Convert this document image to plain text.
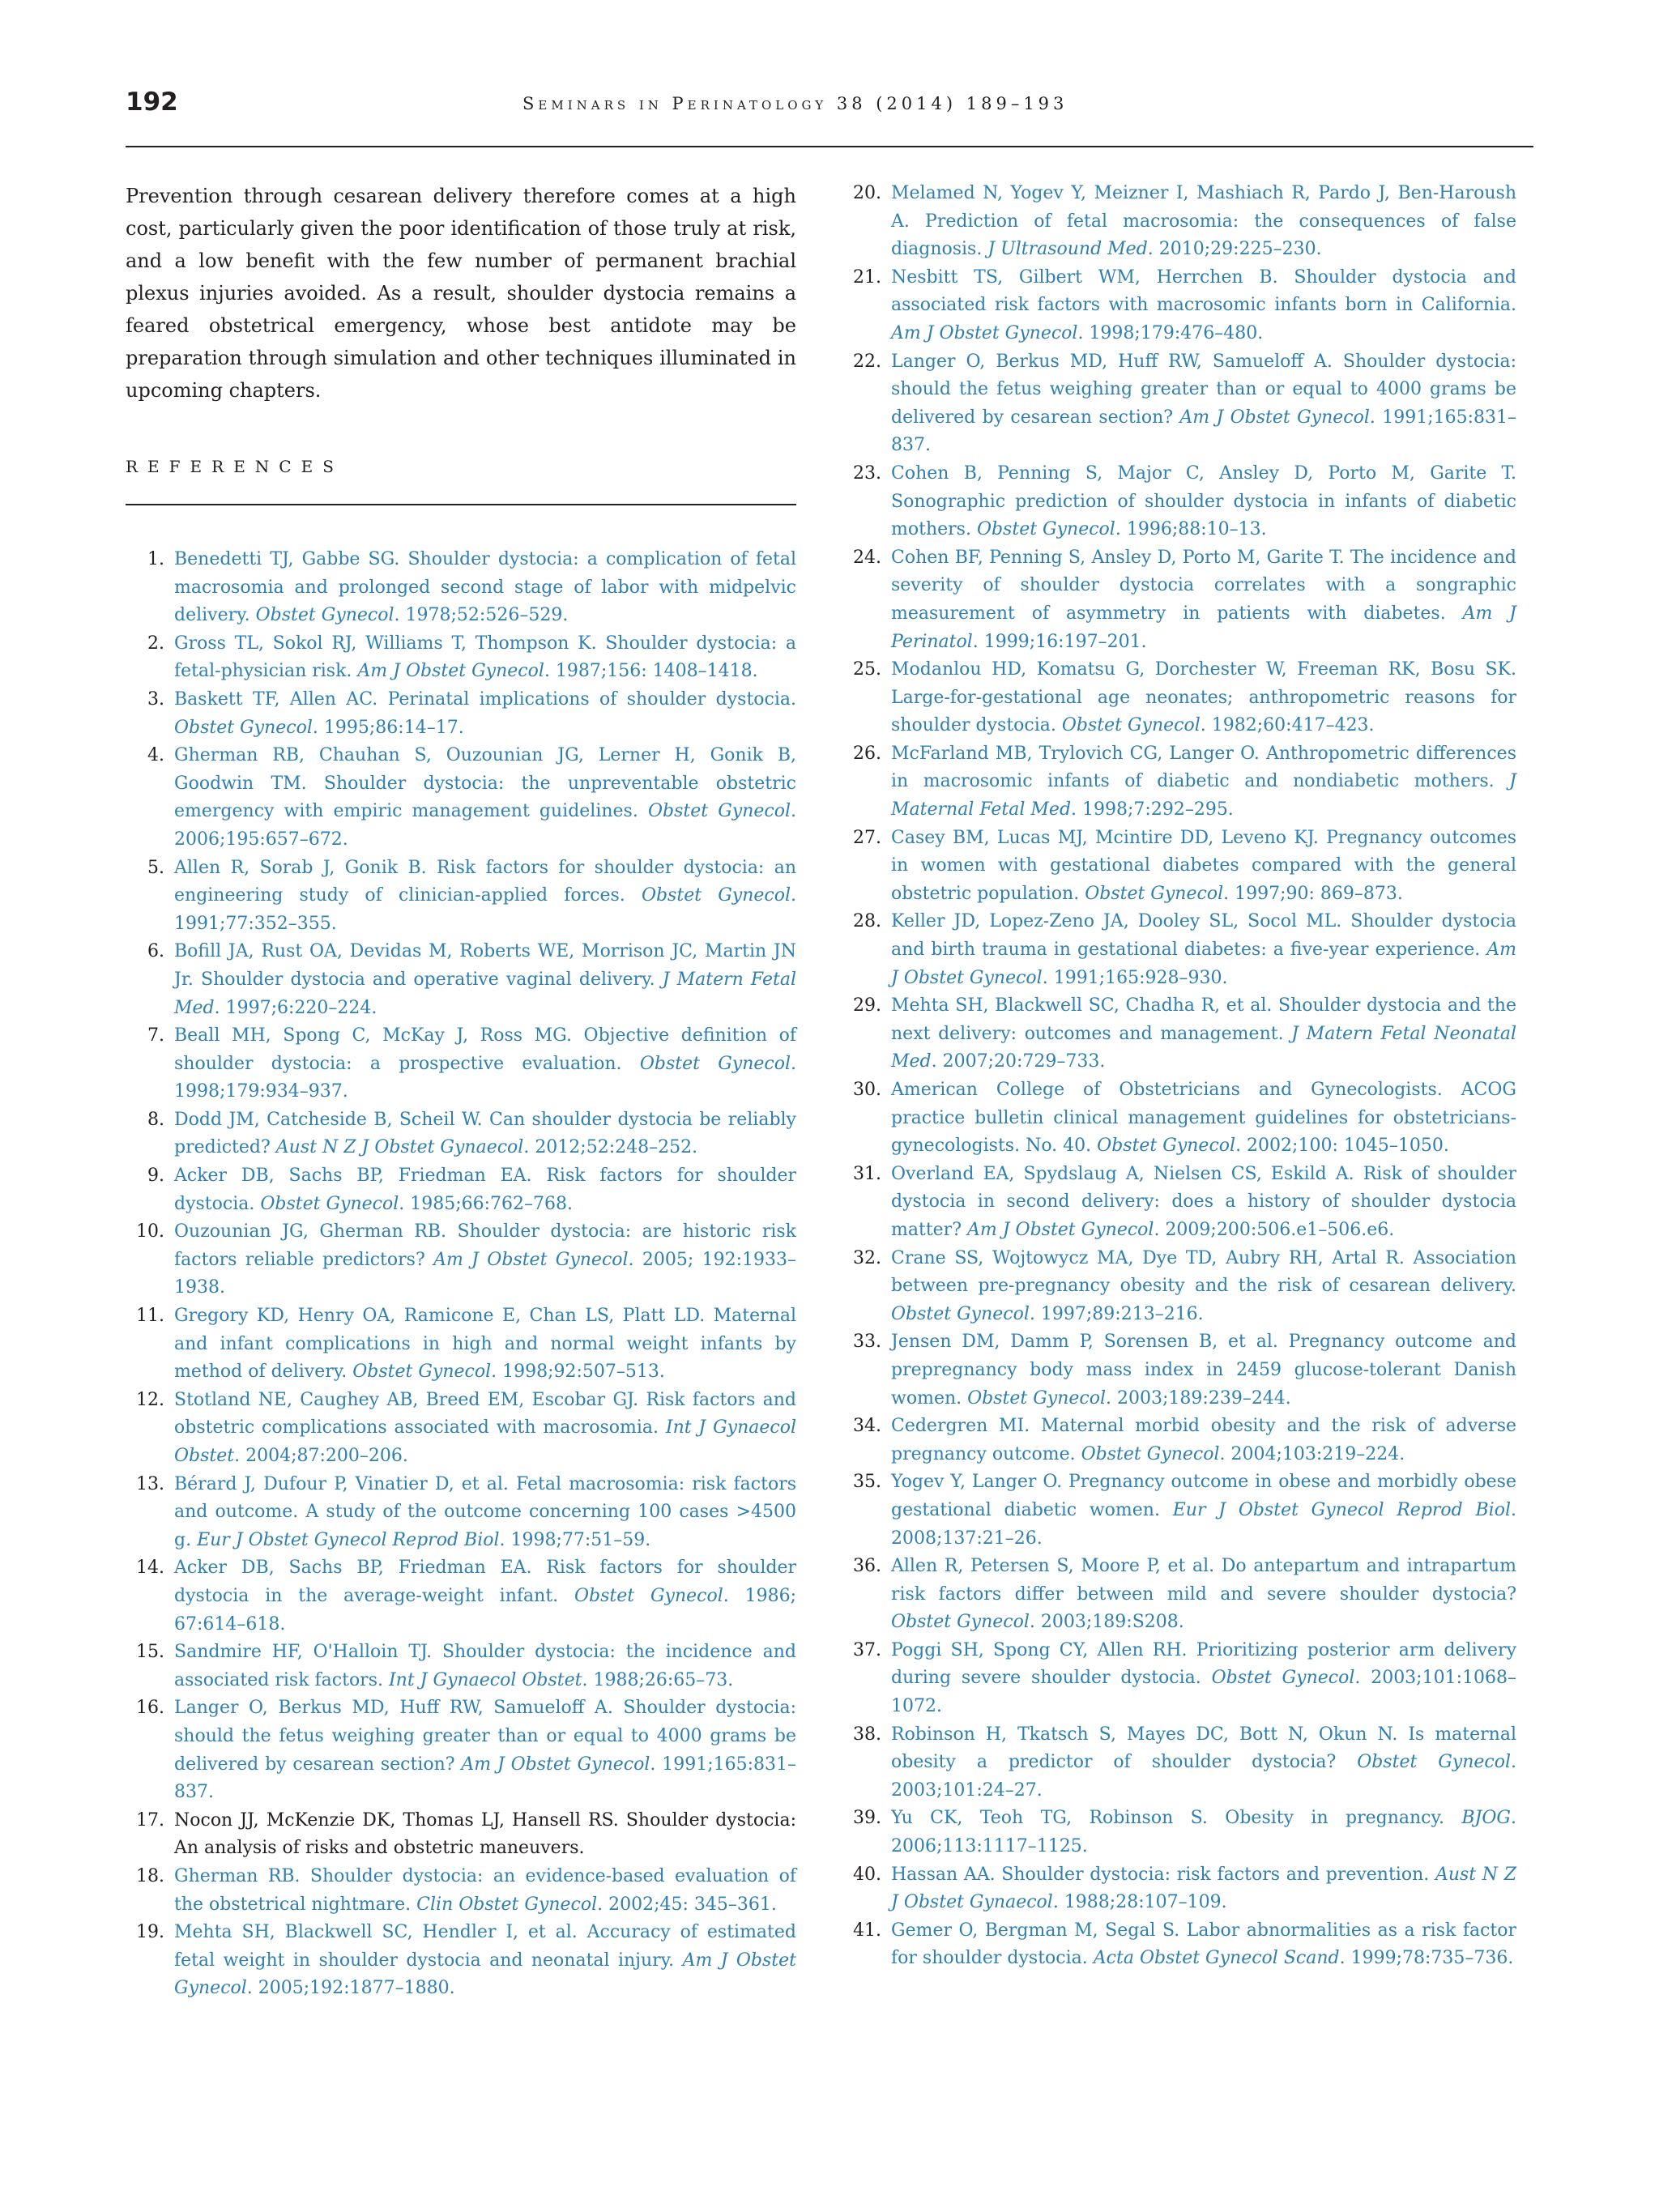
192	Seminars in Perinatology 38 (2014) 189–193

Prevention through cesarean delivery therefore comes at a high cost, particularly given the poor identification of those truly at risk, and a low benefit with the few number of permanent brachial plexus injuries avoided. As a result, shoulder dystocia remains a feared obstetrical emergency, whose best antidote may be preparation through simulation and other techniques illuminated in upcoming chapters.

REFERENCES
1. Benedetti TJ, Gabbe SG. Shoulder dystocia: a complication of fetal macrosomia and prolonged second stage of labor with midpelvic delivery. Obstet Gynecol. 1978;52:526–529.
2. Gross TL, Sokol RJ, Williams T, Thompson K. Shoulder dystocia: a fetal-physician risk. Am J Obstet Gynecol. 1987;156: 1408–1418.
3. Baskett TF, Allen AC. Perinatal implications of shoulder dystocia. Obstet Gynecol. 1995;86:14–17.
4. Gherman RB, Chauhan S, Ouzounian JG, Lerner H, Gonik B, Goodwin TM. Shoulder dystocia: the unpreventable obstetric emergency with empiric management guidelines. Obstet Gynecol. 2006;195:657–672.
5. Allen R, Sorab J, Gonik B. Risk factors for shoulder dystocia: an engineering study of clinician-applied forces. Obstet Gynecol. 1991;77:352–355.
6. Bofill JA, Rust OA, Devidas M, Roberts WE, Morrison JC, Martin JN Jr. Shoulder dystocia and operative vaginal delivery. J Matern Fetal Med. 1997;6:220–224.
7. Beall MH, Spong C, McKay J, Ross MG. Objective definition of shoulder dystocia: a prospective evaluation. Obstet Gynecol. 1998;179:934–937.
8. Dodd JM, Catcheside B, Scheil W. Can shoulder dystocia be reliably predicted? Aust N Z J Obstet Gynaecol. 2012;52:248–252.
9. Acker DB, Sachs BP, Friedman EA. Risk factors for shoulder dystocia. Obstet Gynecol. 1985;66:762–768.
10. Ouzounian JG, Gherman RB. Shoulder dystocia: are historic risk factors reliable predictors? Am J Obstet Gynecol. 2005; 192:1933–1938.
11. Gregory KD, Henry OA, Ramicone E, Chan LS, Platt LD. Maternal and infant complications in high and normal weight infants by method of delivery. Obstet Gynecol. 1998;92:507–513.
12. Stotland NE, Caughey AB, Breed EM, Escobar GJ. Risk factors and obstetric complications associated with macrosomia. Int J Gynaecol Obstet. 2004;87:200–206.
13. Bérard J, Dufour P, Vinatier D, et al. Fetal macrosomia: risk factors and outcome. A study of the outcome concerning 100 cases >4500 g. Eur J Obstet Gynecol Reprod Biol. 1998;77:51–59.
14. Acker DB, Sachs BP, Friedman EA. Risk factors for shoulder dystocia in the average-weight infant. Obstet Gynecol. 1986; 67:614–618.
15. Sandmire HF, O'Halloin TJ. Shoulder dystocia: the incidence and associated risk factors. Int J Gynaecol Obstet. 1988;26:65–73.
16. Langer O, Berkus MD, Huff RW, Samueloff A. Shoulder dystocia: should the fetus weighing greater than or equal to 4000 grams be delivered by cesarean section? Am J Obstet Gynecol. 1991;165:831–837.
17. Nocon JJ, McKenzie DK, Thomas LJ, Hansell RS. Shoulder dystocia: An analysis of risks and obstetric maneuvers.
18. Gherman RB. Shoulder dystocia: an evidence-based evaluation of the obstetrical nightmare. Clin Obstet Gynecol. 2002;45: 345–361.
19. Mehta SH, Blackwell SC, Hendler I, et al. Accuracy of estimated fetal weight in shoulder dystocia and neonatal injury. Am J Obstet Gynecol. 2005;192:1877–1880.
20. Melamed N, Yogev Y, Meizner I, Mashiach R, Pardo J, Ben-Haroush A. Prediction of fetal macrosomia: the consequences of false diagnosis. J Ultrasound Med. 2010;29:225–230.
21. Nesbitt TS, Gilbert WM, Herrchen B. Shoulder dystocia and associated risk factors with macrosomic infants born in California. Am J Obstet Gynecol. 1998;179:476–480.
22. Langer O, Berkus MD, Huff RW, Samueloff A. Shoulder dystocia: should the fetus weighing greater than or equal to 4000 grams be delivered by cesarean section? Am J Obstet Gynecol. 1991;165:831–837.
23. Cohen B, Penning S, Major C, Ansley D, Porto M, Garite T. Sonographic prediction of shoulder dystocia in infants of diabetic mothers. Obstet Gynecol. 1996;88:10–13.
24. Cohen BF, Penning S, Ansley D, Porto M, Garite T. The incidence and severity of shoulder dystocia correlates with a songraphic measurement of asymmetry in patients with diabetes. Am J Perinatol. 1999;16:197–201.
25. Modanlou HD, Komatsu G, Dorchester W, Freeman RK, Bosu SK. Large-for-gestational age neonates; anthropometric reasons for shoulder dystocia. Obstet Gynecol. 1982;60:417–423.
26. McFarland MB, Trylovich CG, Langer O. Anthropometric differences in macrosomic infants of diabetic and nondiabetic mothers. J Maternal Fetal Med. 1998;7:292–295.
27. Casey BM, Lucas MJ, Mcintire DD, Leveno KJ. Pregnancy outcomes in women with gestational diabetes compared with the general obstetric population. Obstet Gynecol. 1997;90: 869–873.
28. Keller JD, Lopez-Zeno JA, Dooley SL, Socol ML. Shoulder dystocia and birth trauma in gestational diabetes: a five-year experience. Am J Obstet Gynecol. 1991;165:928–930.
29. Mehta SH, Blackwell SC, Chadha R, et al. Shoulder dystocia and the next delivery: outcomes and management. J Matern Fetal Neonatal Med. 2007;20:729–733.
30. American College of Obstetricians and Gynecologists. ACOG practice bulletin clinical management guidelines for obstetricians-gynecologists. No. 40. Obstet Gynecol. 2002;100: 1045–1050.
31. Overland EA, Spydslaug A, Nielsen CS, Eskild A. Risk of shoulder dystocia in second delivery: does a history of shoulder dystocia matter? Am J Obstet Gynecol. 2009;200:506.e1–506.e6.
32. Crane SS, Wojtowycz MA, Dye TD, Aubry RH, Artal R. Association between pre-pregnancy obesity and the risk of cesarean delivery. Obstet Gynecol. 1997;89:213–216.
33. Jensen DM, Damm P, Sorensen B, et al. Pregnancy outcome and prepregnancy body mass index in 2459 glucose-tolerant Danish women. Obstet Gynecol. 2003;189:239–244.
34. Cedergren MI. Maternal morbid obesity and the risk of adverse pregnancy outcome. Obstet Gynecol. 2004;103:219–224.
35. Yogev Y, Langer O. Pregnancy outcome in obese and morbidly obese gestational diabetic women. Eur J Obstet Gynecol Reprod Biol. 2008;137:21–26.
36. Allen R, Petersen S, Moore P, et al. Do antepartum and intrapartum risk factors differ between mild and severe shoulder dystocia? Obstet Gynecol. 2003;189:S208.
37. Poggi SH, Spong CY, Allen RH. Prioritizing posterior arm delivery during severe shoulder dystocia. Obstet Gynecol. 2003;101:1068–1072.
38. Robinson H, Tkatsch S, Mayes DC, Bott N, Okun N. Is maternal obesity a predictor of shoulder dystocia? Obstet Gynecol. 2003;101:24–27.
39. Yu CK, Teoh TG, Robinson S. Obesity in pregnancy. BJOG. 2006;113:1117–1125.
40. Hassan AA. Shoulder dystocia: risk factors and prevention. Aust N Z J Obstet Gynaecol. 1988;28:107–109.
41. Gemer O, Bergman M, Segal S. Labor abnormalities as a risk factor for shoulder dystocia. Acta Obstet Gynecol Scand. 1999;78:735–736.
